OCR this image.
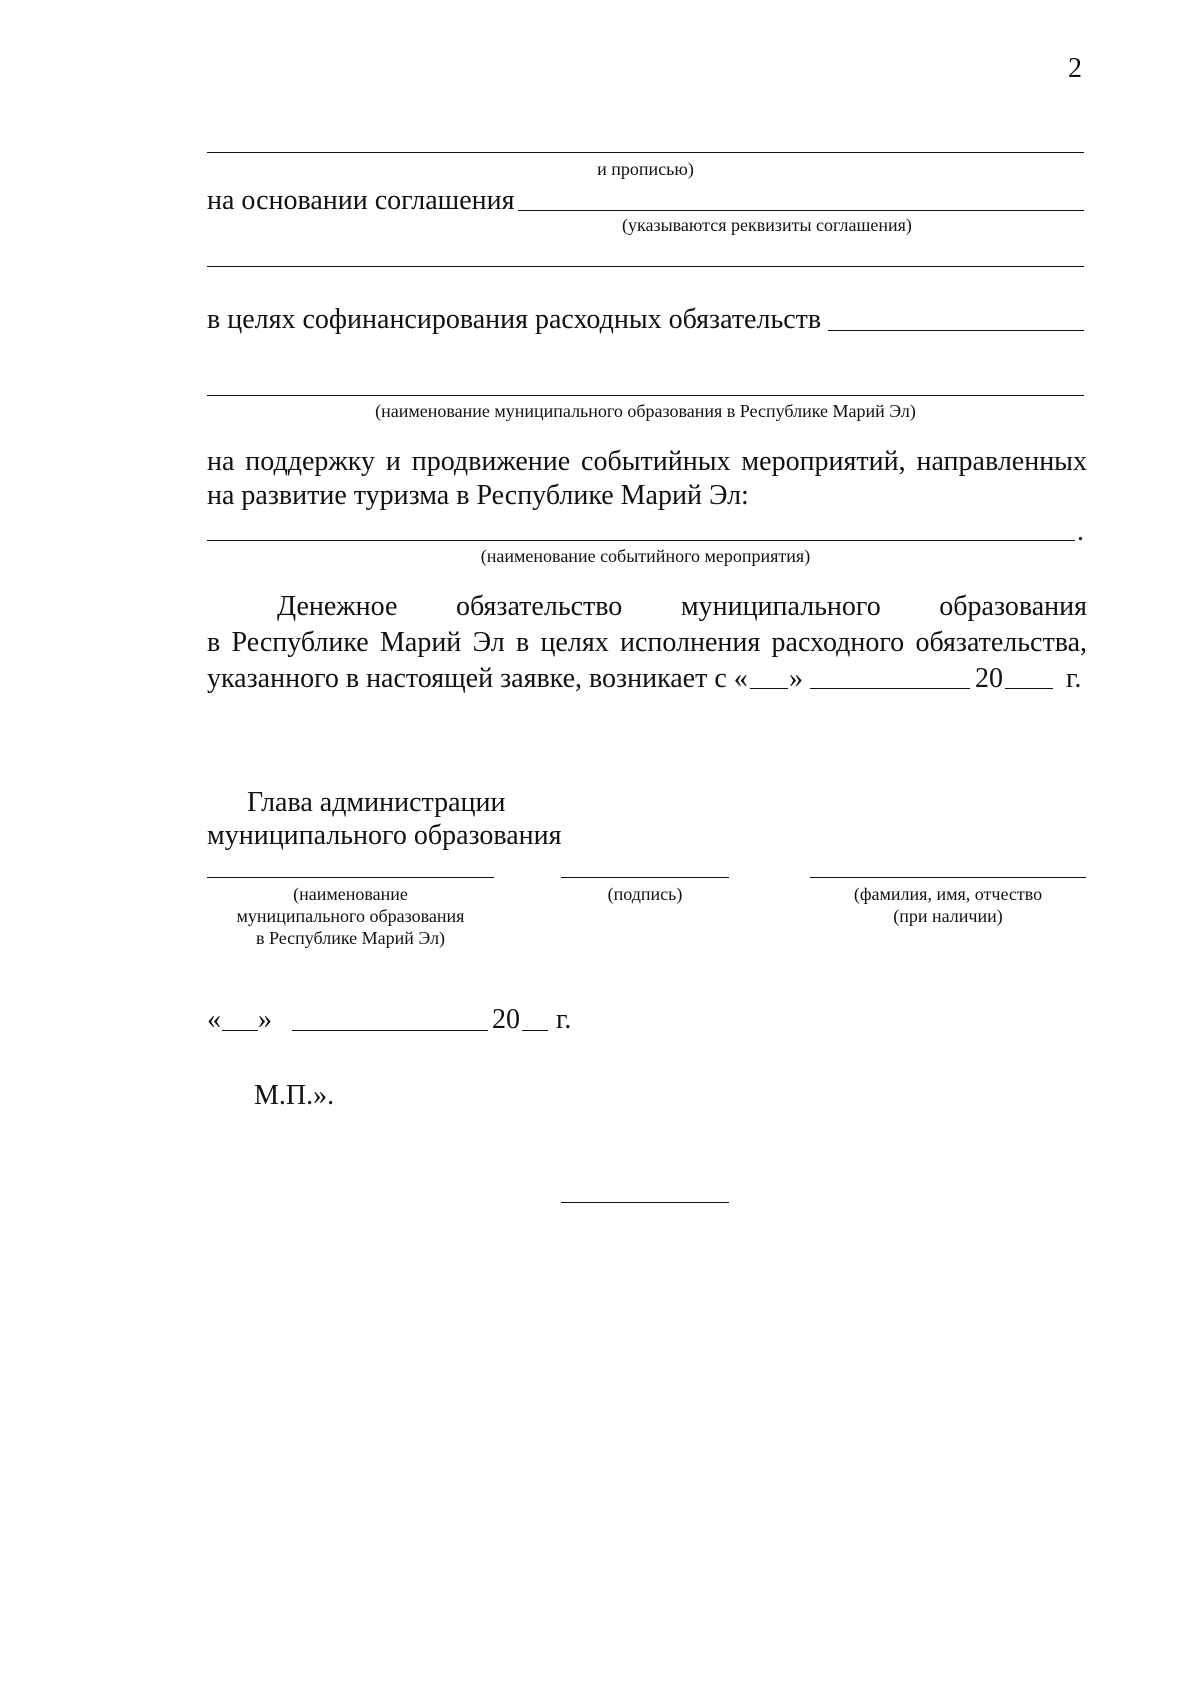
2
и прописью)
на основании соглашения
(указываются реквизиты соглашения)
в целях софинансирования расходных обязательств
(наименование муниципального образования в Республике Марий Эл)
на поддержку и продвижение событийных мероприятий, направленных
на развитие туризма в Республике Марий Эл:
.
(наименование событийного мероприятия)
Денежное обязательство муниципального образования
в Республике Марий Эл в целях исполнения расходного обязательства,
указанного в настоящей заявке, возникает с « »	20 г.
Глава администрации
муниципального образования
(наименование
муниципального образования
в Республике Марий Эл)
(подпись)	(фамилия, имя, отчество
(при наличии)
« »	20 г.
М.П.».
